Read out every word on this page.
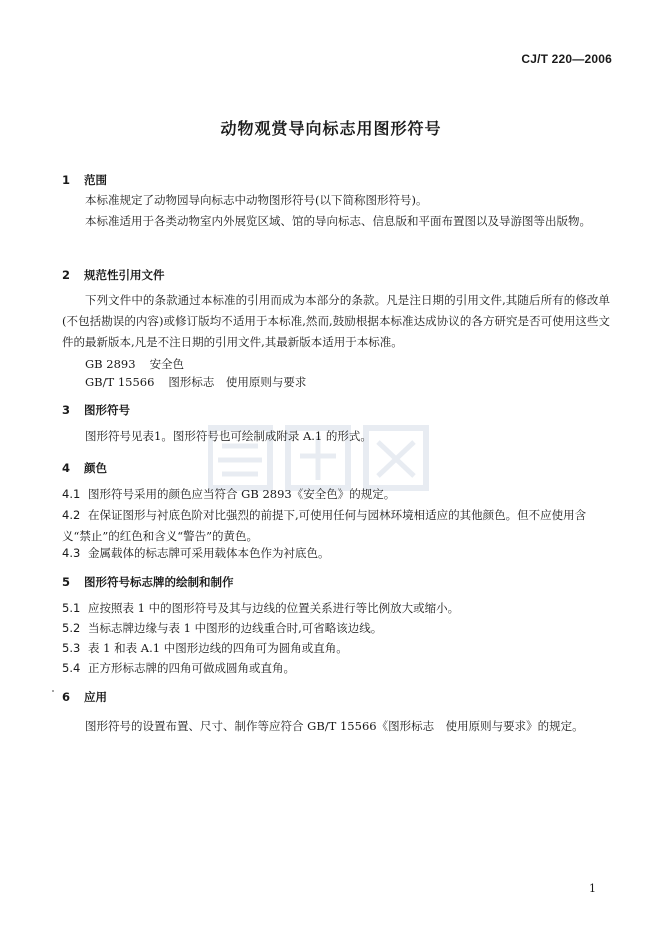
CJ/T 220—2006
动物观赏导向标志用图形符号
1 范围
本标准规定了动物园导向标志中动物图形符号(以下简称图形符号)。
本标准适用于各类动物室内外展览区域、馆的导向标志、信息版和平面布置图以及导游图等出版物。
2 规范性引用文件
下列文件中的条款通过本标准的引用而成为本部分的条款。凡是注日期的引用文件,其随后所有的修改单(不包括勘误的内容)或修订版均不适用于本标准,然而,鼓励根据本标准达成协议的各方研究是否可使用这些文件的最新版本,凡是不注日期的引用文件,其最新版本适用于本标准。
GB 2893 安全色
GB/T 15566 图形标志　使用原则与要求
3 图形符号
图形符号见表1。图形符号也可绘制成附录 A.1 的形式。
4 颜色
4.1 图形符号采用的颜色应当符合 GB 2893《安全色》的规定。
4.2 在保证图形与衬底色阶对比强烈的前提下,可使用任何与园林环境相适应的其他颜色。但不应使用含义“禁止”的红色和含义“警告”的黄色。
4.3 金属载体的标志牌可采用载体本色作为衬底色。
5 图形符号标志牌的绘制和制作
5.1 应按照表 1 中的图形符号及其与边线的位置关系进行等比例放大或缩小。
5.2 当标志牌边缘与表 1 中图形的边线重合时,可省略该边线。
5.3 表 1 和表 A.1 中图形边线的四角可为圆角或直角。
5.4 正方形标志牌的四角可做成圆角或直角。
6 应用
图形符号的设置布置、尺寸、制作等应符合 GB/T 15566《图形标志　使用原则与要求》的规定。
1
